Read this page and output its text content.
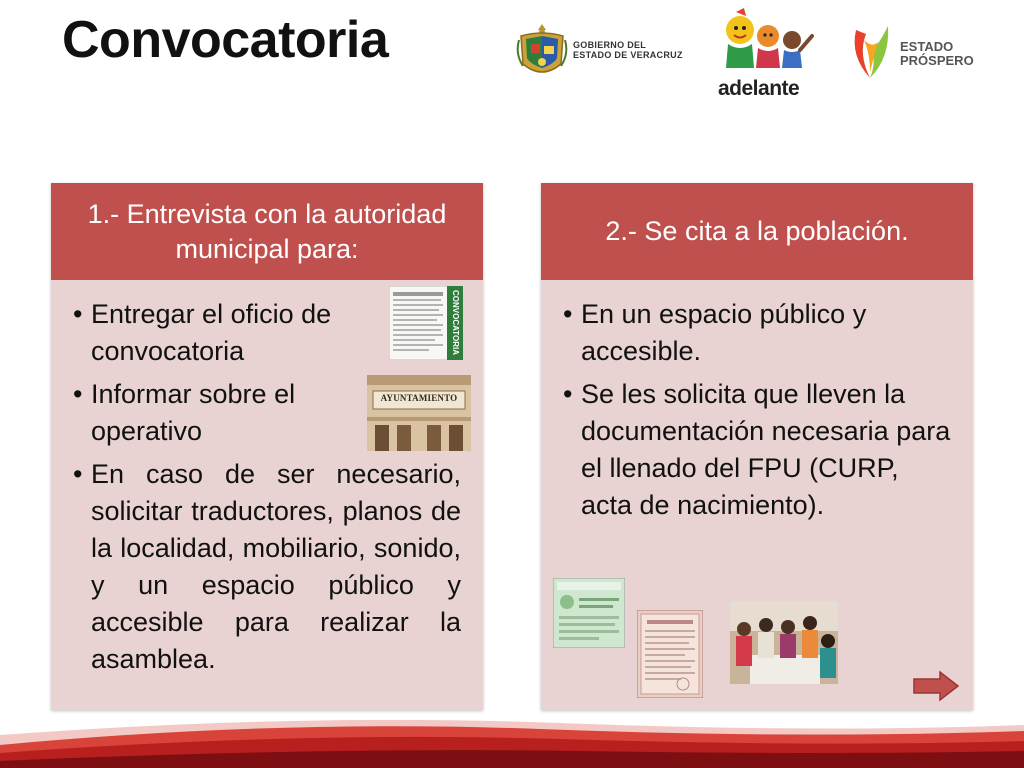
Convocatoria	GOBIERNO DEL
ESTADO DE VERACRUZ
adelante
ESTADO
PRÓSPERO
1.- Entrevista con la autoridad municipal para:
• Entregar el oficio de convocatoria
• Informar sobre el operativo
• En caso de ser necesario, solicitar traductores, planos de la localidad, mobiliario, sonido, y un espacio público y accesible para realizar la asamblea.
CONVOCATORIA
AYUNTAMIENTO
2.- Se cita a la población.
• En un espacio público y accesible.
• Se les solicita que lleven la documentación necesaria para el llenado del FPU (CURP, acta de nacimiento).
